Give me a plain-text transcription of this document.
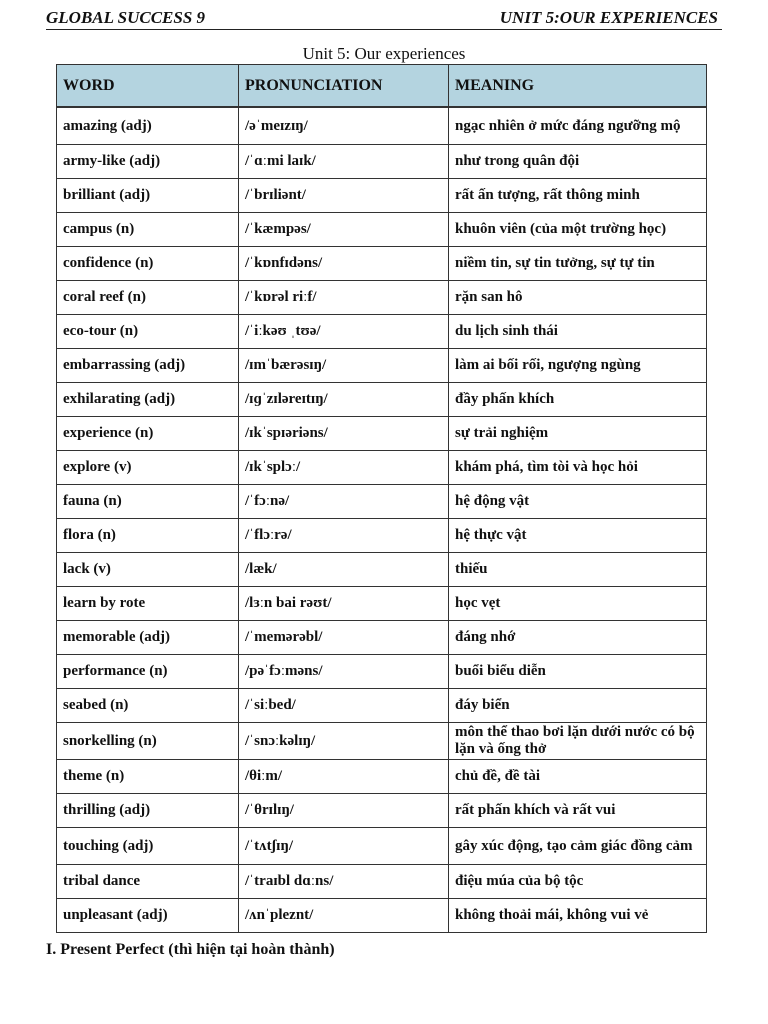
GLOBAL SUCCESS 9	UNIT 5:OUR EXPERIENCES
Unit 5: Our experiences
WORD	PRONUNCIATION	MEANING
amazing (adj)	/əˈmeɪzɪŋ/	ngạc nhiên ở mức đáng ngưỡng mộ
army-like (adj)	/ˈɑːmi laɪk/	như trong quân đội
brilliant (adj)	/ˈbrɪliənt/	rất ấn tượng, rất thông minh
campus (n)	/ˈkæmpəs/	khuôn viên (của một trường học)
confidence (n)	/ˈkɒnfɪdəns/	niềm tin, sự tin tưởng, sự tự tin
coral reef (n)	/ˈkɒrəl riːf/	rặn san hô
eco-tour (n)	/ˈiːkəʊ ˌtʊə/	du lịch sinh thái
embarrassing (adj)	/ɪmˈbærəsɪŋ/	làm ai bối rối, ngượng ngùng
exhilarating (adj)	/ɪɡˈzɪləreɪtɪŋ/	đầy phấn khích
experience (n)	/ɪkˈspɪəriəns/	sự trải nghiệm
explore (v)	/ɪkˈsplɔː/	khám phá, tìm tòi và học hỏi
fauna (n)	/ˈfɔːnə/	hệ động vật
flora (n)	/ˈflɔːrə/	hệ thực vật
lack (v)	/læk/	thiếu
learn by rote	/lɜːn bai rəʊt/	học vẹt
memorable (adj)	/ˈmemərəbl/	đáng nhớ
performance (n)	/pəˈfɔːməns/	buổi biểu diễn
seabed (n)	/ˈsiːbed/	đáy biển
snorkelling (n)	/ˈsnɔːkəlɪŋ/	môn thể thao bơi lặn dưới nước có bộ lặn và ống thở
theme (n)	/θiːm/	chủ đề, đề tài
thrilling (adj)	/ˈθrɪlɪŋ/	rất phấn khích và rất vui
touching (adj)	/ˈtʌtʃɪŋ/	gây xúc động, tạo cảm giác đồng cảm
tribal dance	/ˈtraɪbl dɑːns/	điệu múa của bộ tộc
unpleasant (adj)	/ʌnˈpleznt/	không thoải mái, không vui vẻ
I. Present Perfect (thì hiện tại hoàn thành)
